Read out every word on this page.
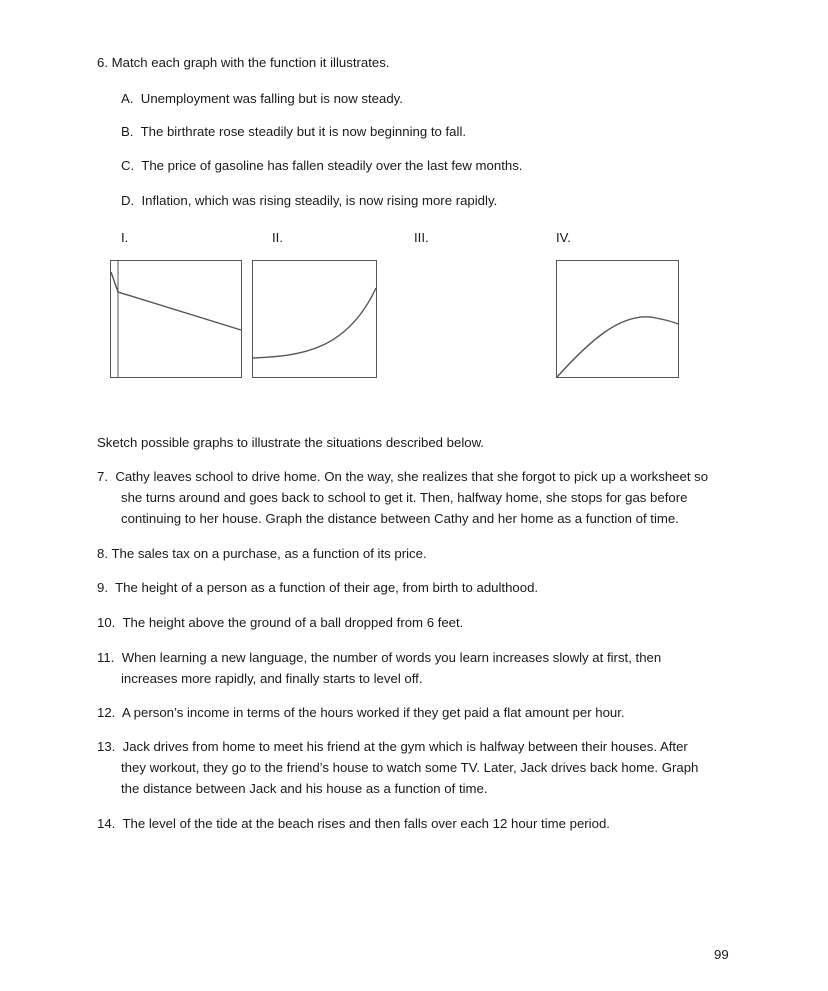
6. Match each graph with the function it illustrates.
A. Unemployment was falling but is now steady.
B. The birthrate rose steadily but it is now beginning to fall.
C. The price of gasoline has fallen steadily over the last few months.
D. Inflation, which was rising steadily, is now rising more rapidly.
I.	II.	III.	IV.
Sketch possible graphs to illustrate the situations described below.
7. Cathy leaves school to drive home. On the way, she realizes that she forgot to pick up a worksheet so
she turns around and goes back to school to get it. Then, halfway home, she stops for gas before
continuing to her house. Graph the distance between Cathy and her home as a function of time.
8. The sales tax on a purchase, as a function of its price.
9. The height of a person as a function of their age, from birth to adulthood.
10. The height above the ground of a ball dropped from 6 feet.
11. When learning a new language, the number of words you learn increases slowly at first, then
increases more rapidly, and finally starts to level off.
12. A person’s income in terms of the hours worked if they get paid a flat amount per hour.
13. Jack drives from home to meet his friend at the gym which is halfway between their houses. After
they workout, they go to the friend’s house to watch some TV. Later, Jack drives back home. Graph
the distance between Jack and his house as a function of time.
14. The level of the tide at the beach rises and then falls over each 12 hour time period.
99
